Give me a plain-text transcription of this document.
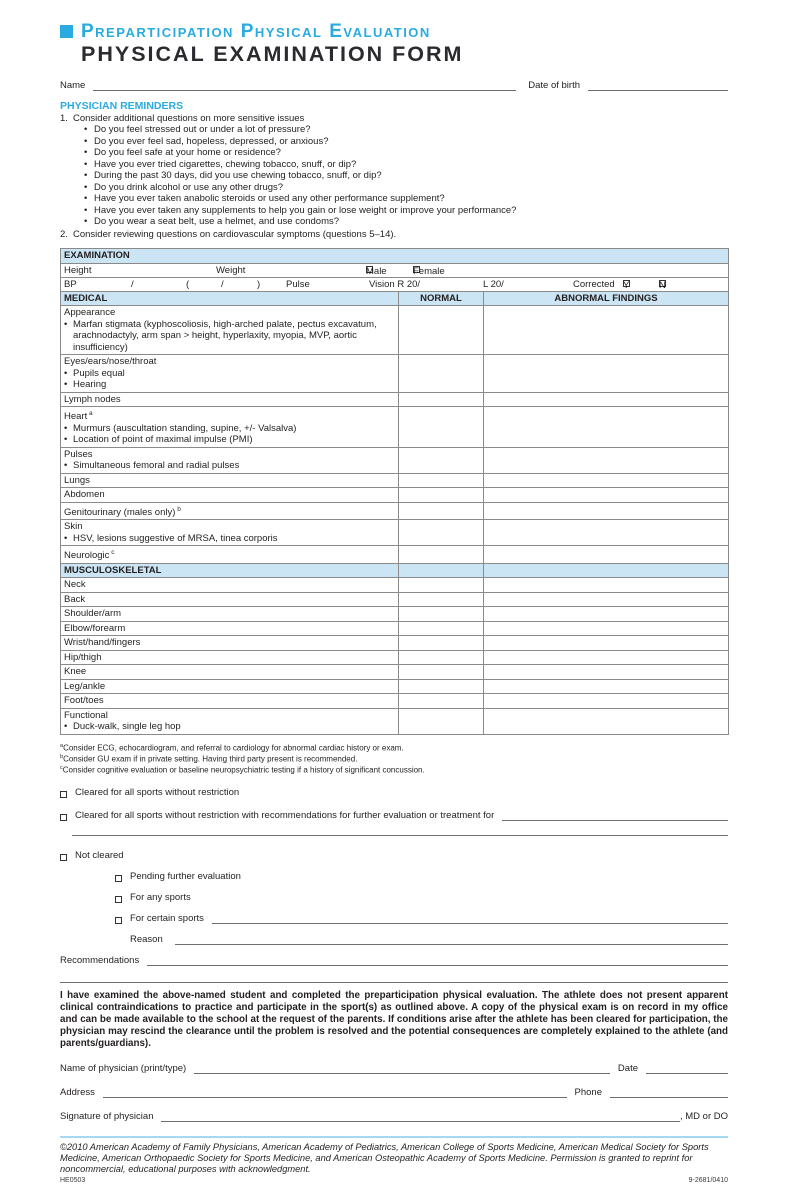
Preparticipation Physical Evaluation
PHYSICAL EXAMINATION FORM
Name	Date of birth
PHYSICIAN REMINDERS
1. Consider additional questions on more sensitive issues
• Do you feel stressed out or under a lot of pressure?
• Do you ever feel sad, hopeless, depressed, or anxious?
• Do you feel safe at your home or residence?
• Have you ever tried cigarettes, chewing tobacco, snuff, or dip?
• During the past 30 days, did you use chewing tobacco, snuff, or dip?
• Do you drink alcohol or use any other drugs?
• Have you ever taken anabolic steroids or used any other performance supplement?
• Have you ever taken any supplements to help you gain or lose weight or improve your performance?
• Do you wear a seat belt, use a helmet, and use condoms?
2. Consider reviewing questions on cardiovascular symptoms (questions 5–14).
EXAMINATION		

Height Weight Male Female		

BP	/	(	/	)	Pulse	Vision R 20/	L 20/	Corrected Y	N

MEDICAL	NORMAL	ABNORMAL FINDINGS

Appearance
• Marfan stigmata (kyphoscoliosis, high-arched palate, pectus excavatum, arachnodactyly, arm span > height, hyperlaxity, myopia, MVP, aortic insufficiency)		

Eyes/ears/nose/throat
• Pupils equal
• Hearing		

Lymph nodes		

Heart $^a$
• Murmurs (auscultation standing, supine, +/- Valsalva)
• Location of point of maximal impulse (PMI)		

Pulses
• Simultaneous femoral and radial pulses		

Lungs		

Abdomen		

Genitourinary (males only) $^b$

Skin
• HSV, lesions suggestive of MRSA, tinea corporis		

Neurologic $^c$

MUSCULOSKELETAL		

Neck		

Back		

Shoulder/arm		

Elbow/forearm		

Wrist/hand/fingers		

Hip/thigh		

Knee		

Leg/ankle		

Foot/toes		

Functional
• Duck-walk, single leg hop		

$^a$Consider ECG, echocardiogram, and referral to cardiology for abnormal cardiac history or exam.
$^b$Consider GU exam if in private setting. Having third party present is recommended.
$^c$Consider cognitive evaluation or baseline neuropsychiatric testing if a history of significant concussion.
Cleared for all sports without restriction
Cleared for all sports without restriction with recommendations for further evaluation or treatment for
Not cleared
Pending further evaluation
For any sports
For certain sports
Reason
Recommendations

I have examined the above-named student and completed the preparticipation physical evaluation. The athlete does not present apparent clinical contraindications to practice and participate in the sport(s) as outlined above. A copy of the physical exam is on record in my office and can be made available to the school at the request of the parents. If conditions arise after the athlete has been cleared for participation, the physician may rescind the clearance until the problem is resolved and the potential consequences are completely explained to the athlete (and parents/guardians).

Name of physician (print/type)	Date
Address	Phone
Signature of physician	, MD or DO
©2010 American Academy of Family Physicians, American Academy of Pediatrics, American College of Sports Medicine, American Medical Society for Sports Medicine, American Orthopaedic Society for Sports Medicine, and American Osteopathic Academy of Sports Medicine. Permission is granted to reprint for noncommercial, educational purposes with acknowledgment.
HE0503	9-2681/0410
